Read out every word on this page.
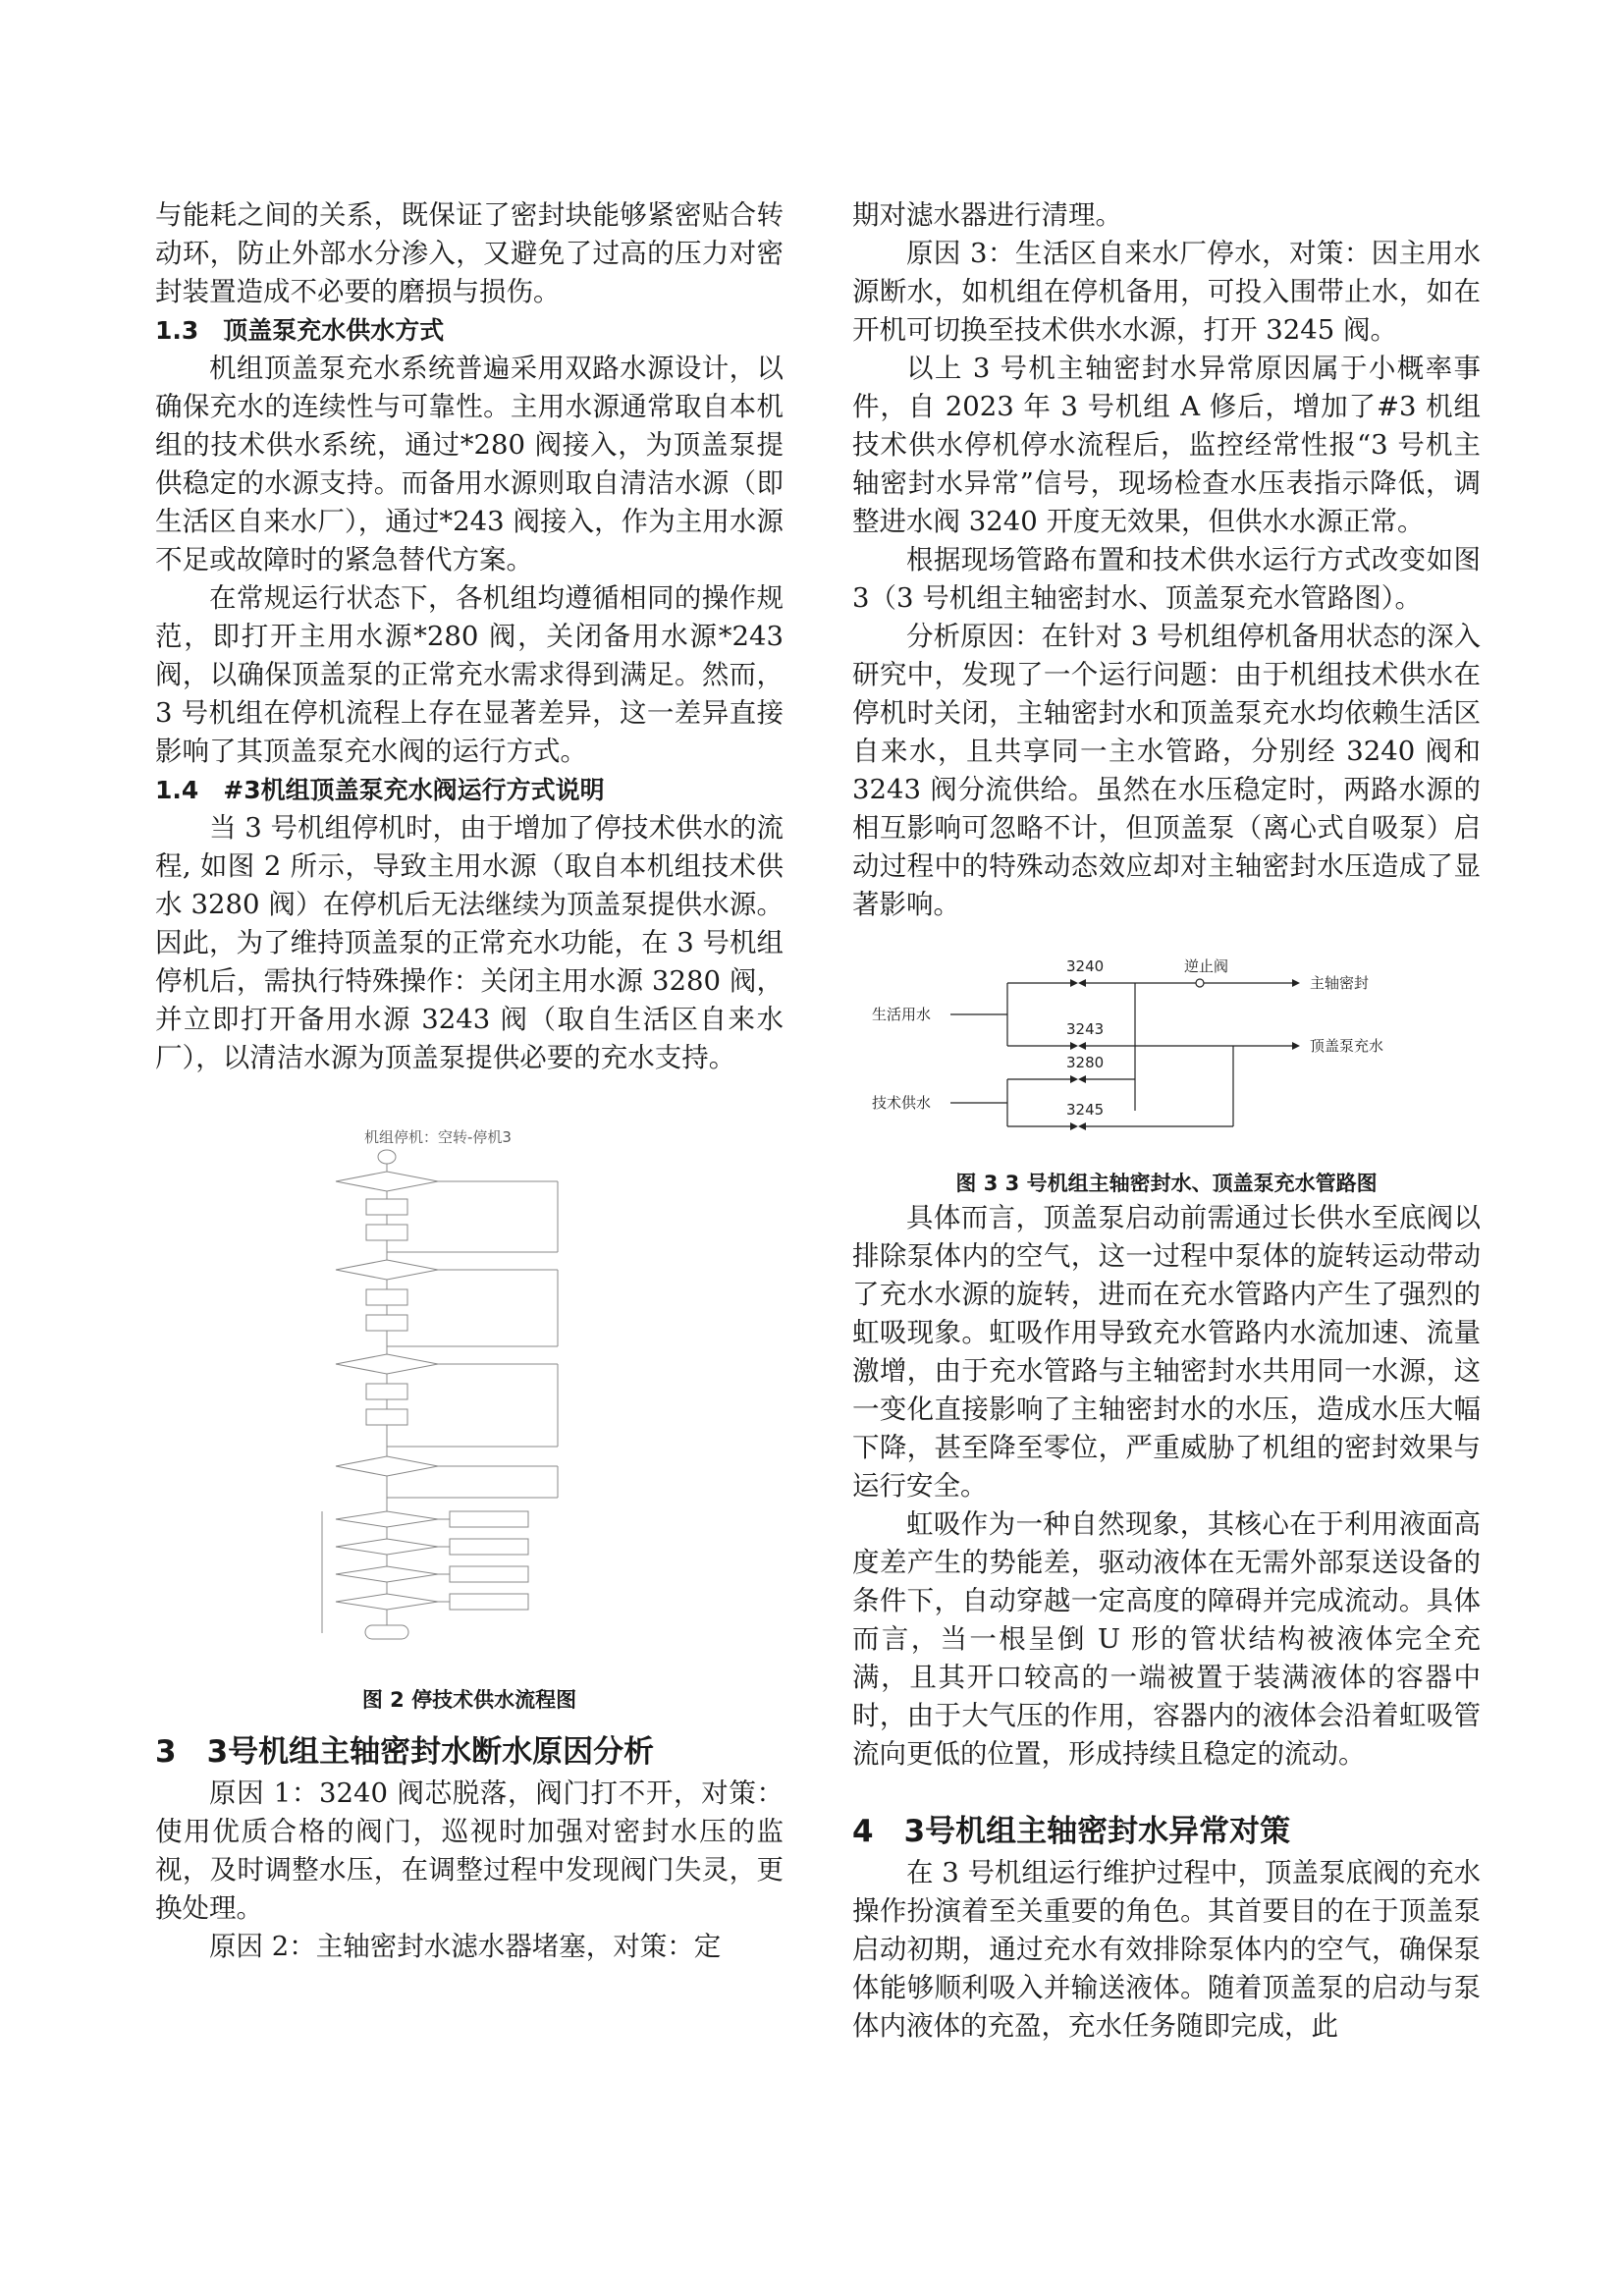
与能耗之间的关系，既保证了密封块能够紧密贴合转动环，防止外部水分渗入，又避免了过高的压力对密封装置造成不必要的磨损与损伤。

1.3　顶盖泵充水供水方式

机组顶盖泵充水系统普遍采用双路水源设计，以确保充水的连续性与可靠性。主用水源通常取自本机组的技术供水系统，通过*280 阀接入，为顶盖泵提供稳定的水源支持。而备用水源则取自清洁水源（即生活区自来水厂），通过*243 阀接入，作为主用水源不足或故障时的紧急替代方案。

在常规运行状态下，各机组均遵循相同的操作规范，即打开主用水源*280 阀，关闭备用水源*243 阀，以确保顶盖泵的正常充水需求得到满足。然而，3 号机组在停机流程上存在显著差异，这一差异直接影响了其顶盖泵充水阀的运行方式。

1.4　#3机组顶盖泵充水阀运行方式说明

当 3 号机组停机时，由于增加了停技术供水的流程, 如图 2 所示，导致主用水源（取自本机组技术供水 3280 阀）在停机后无法继续为顶盖泵提供水源。因此，为了维持顶盖泵的正常充水功能，在 3 号机组停机后，需执行特殊操作：关闭主用水源 3280 阀，并立即打开备用水源 3243 阀（取自生活区自来水厂），以清洁水源为顶盖泵提供必要的充水支持。

机组停机：空转-停机3
图 2 停技术供水流程图
3　3号机组主轴密封水断水原因分析

原因 1：3240 阀芯脱落，阀门打不开，对策：使用优质合格的阀门，巡视时加强对密封水压的监视，及时调整水压，在调整过程中发现阀门失灵，更换处理。

原因 2：主轴密封水滤水器堵塞，对策：定

期对滤水器进行清理。

原因 3：生活区自来水厂停水，对策：因主用水源断水，如机组在停机备用，可投入围带止水，如在开机可切换至技术供水水源，打开 3245 阀。

以上 3 号机主轴密封水异常原因属于小概率事件，自 2023 年 3 号机组 A 修后，增加了#3 机组技术供水停机停水流程后，监控经常性报“3 号机主轴密封水异常”信号，现场检查水压表指示降低，调整进水阀 3240 开度无效果，但供水水源正常。

根据现场管路布置和技术供水运行方式改变如图 3（3 号机组主轴密封水、顶盖泵充水管路图）。

分析原因：在针对 3 号机组停机备用状态的深入研究中，发现了一个运行问题：由于机组技术供水在停机时关闭，主轴密封水和顶盖泵充水均依赖生活区自来水，且共享同一主水管路，分别经 3240 阀和 3243 阀分流供给。虽然在水压稳定时，两路水源的相互影响可忽略不计，但顶盖泵（离心式自吸泵）启动过程中的特殊动态效应却对主轴密封水压造成了显著影响。

3240	逆止阀
主轴密封
生活用水
3243
顶盖泵充水
3280
技术供水	3245
图 3 3 号机组主轴密封水、顶盖泵充水管路图

具体而言，顶盖泵启动前需通过长供水至底阀以排除泵体内的空气，这一过程中泵体的旋转运动带动了充水水源的旋转，进而在充水管路内产生了强烈的虹吸现象。虹吸作用导致充水管路内水流加速、流量激增，由于充水管路与主轴密封水共用同一水源，这一变化直接影响了主轴密封水的水压，造成水压大幅下降，甚至降至零位，严重威胁了机组的密封效果与运行安全。

虹吸作为一种自然现象，其核心在于利用液面高度差产生的势能差，驱动液体在无需外部泵送设备的条件下，自动穿越一定高度的障碍并完成流动。具体而言，当一根呈倒 U 形的管状结构被液体完全充满，且其开口较高的一端被置于装满液体的容器中时，由于大气压的作用，容器内的液体会沿着虹吸管流向更低的位置，形成持续且稳定的流动。

4　3号机组主轴密封水异常对策

在 3 号机组运行维护过程中，顶盖泵底阀的充水操作扮演着至关重要的角色。其首要目的在于顶盖泵启动初期，通过充水有效排除泵体内的空气，确保泵体能够顺利吸入并输送液体。随着顶盖泵的启动与泵体内液体的充盈，充水任务随即完成，此
